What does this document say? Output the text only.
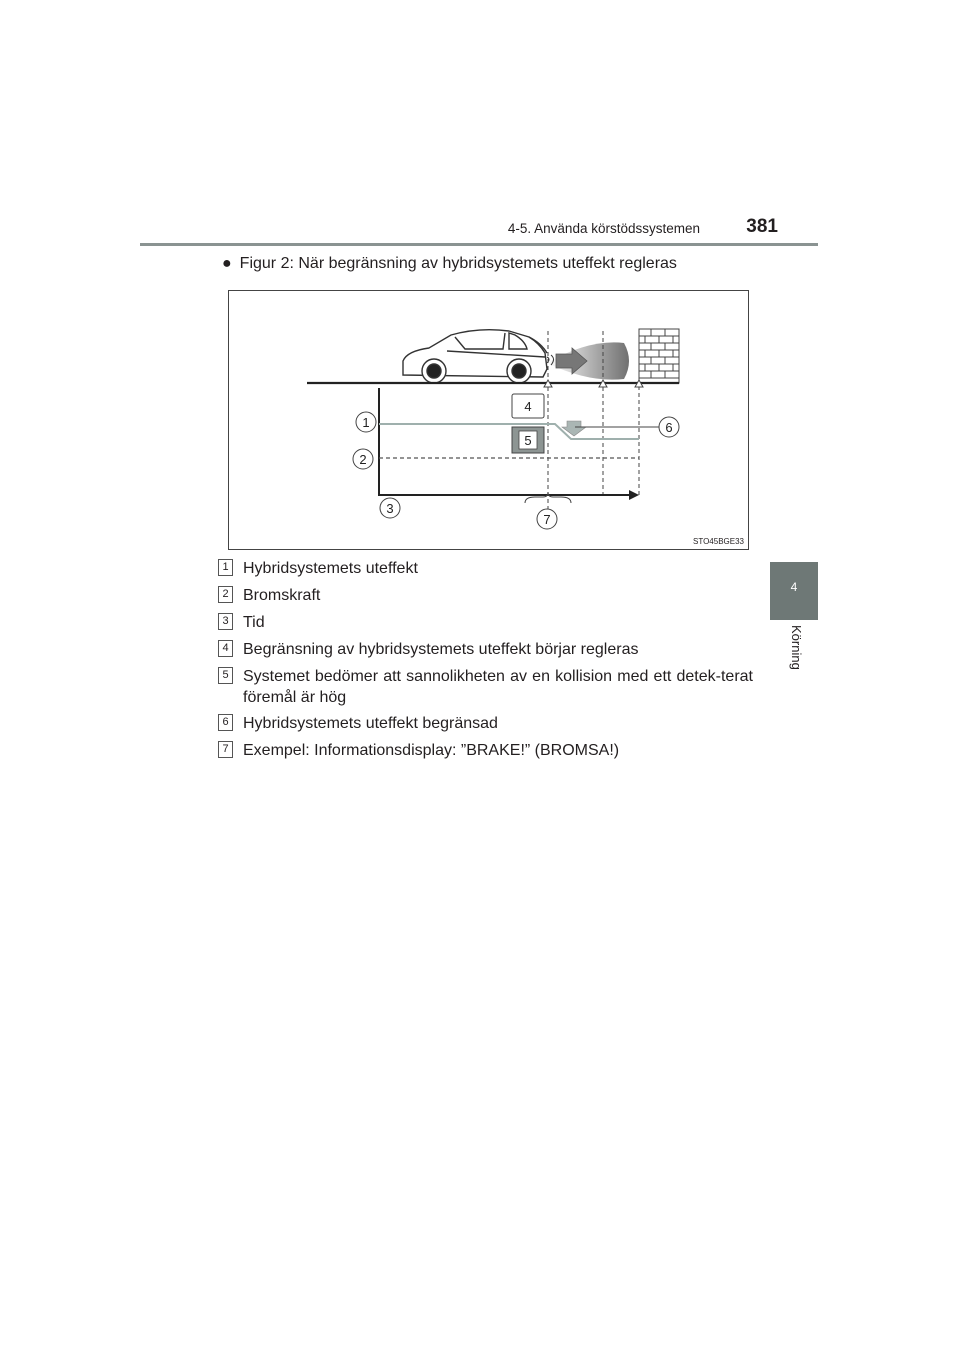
4-5. Använda körstödssystemen	381
4
Körning
● Figur 2: När begränsning av hybridsystemets uteffekt regleras
1
2
3
4
5
6
7
STO45BGE33
1 Hybridsystemets uteffekt
2 Bromskraft
3 Tid
4 Begränsning av hybridsystemets uteffekt börjar regleras
5 Systemet bedömer att sannolikheten av en kollision med ett detek-terat föremål är hög
6 Hybridsystemets uteffekt begränsad
7 Exempel: Informationsdisplay: ”BRAKE!” (BROMSA!)
